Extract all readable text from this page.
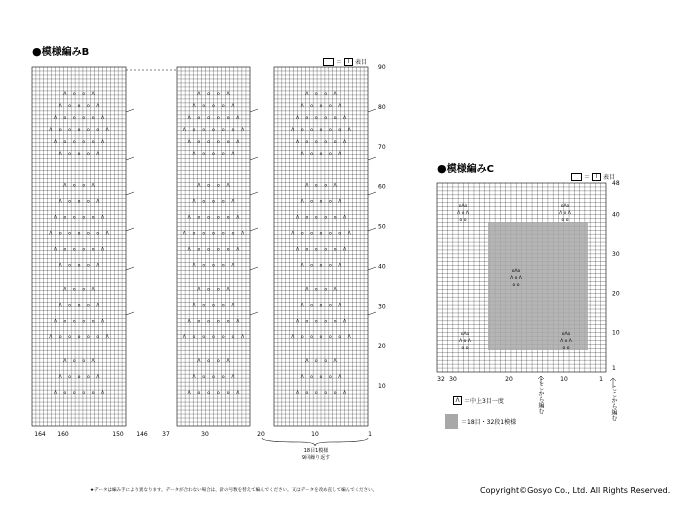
●模様編みB
＝	Ⅰ 表目
Λ o o Λ
Λ o o o Λ
Λ o o o o Λ
Λ o o o o o Λ
Λ o o o o Λ
Λ o o o Λ
Λ o o Λ
Λ o o o Λ
Λ o o o o Λ
Λ o o o o o Λ
Λ o o o o Λ
Λ o o o Λ
Λ o o Λ
Λ o o o Λ
Λ o o o o Λ
Λ o o o o o Λ
Λ o o Λ
Λ o o o Λ
Λ o o o o Λ
Λ o o Λ
Λ o o o Λ
Λ o o o o Λ
Λ o o o o o Λ
Λ o o o o Λ
Λ o o o Λ
Λ o o Λ
Λ o o o Λ
Λ o o o o Λ
Λ o o o o o Λ
Λ o o o o Λ
Λ o o o Λ
Λ o o Λ
Λ o o o Λ
Λ o o o o Λ
Λ o o o o o Λ
Λ o o Λ
Λ o o o Λ
Λ o o o o Λ
Λ o o Λ
Λ o o o Λ
Λ o o o o Λ
Λ o o o o o Λ
Λ o o o o Λ
Λ o o o Λ
Λ o o Λ
Λ o o o Λ
Λ o o o o Λ
Λ o o o o o Λ
Λ o o o o Λ
Λ o o o Λ
Λ o o Λ
Λ o o o Λ
Λ o o o o Λ
Λ o o o o o Λ
Λ o o Λ
Λ o o o Λ
Λ o o o o Λ
10
20
30
40
50
60
70
80
90
164 160	150 146 37	30	20	10	1
oΛo
Λ o Λ
o o
oΛo
Λ o Λ
o o
oΛo
Λ o Λ
o o
oΛo
Λ o Λ
o o
oΛo
Λ o Λ
o o
1
10
20
30
40
48
32 30	20	10	1
18目1模様
9回繰り返す
●模様編みC
＝	Ⅰ 表目
ここから編む	ここから編む
Λ ＝中上3目一度
＝18目・32段1模様
★データは編み手により異なります。データが合わない場合は、針の号数を替えて編んでください。又はデータを改め直して編んでください。	Copyright©Gosyo Co., Ltd. All Rights Reserved.
